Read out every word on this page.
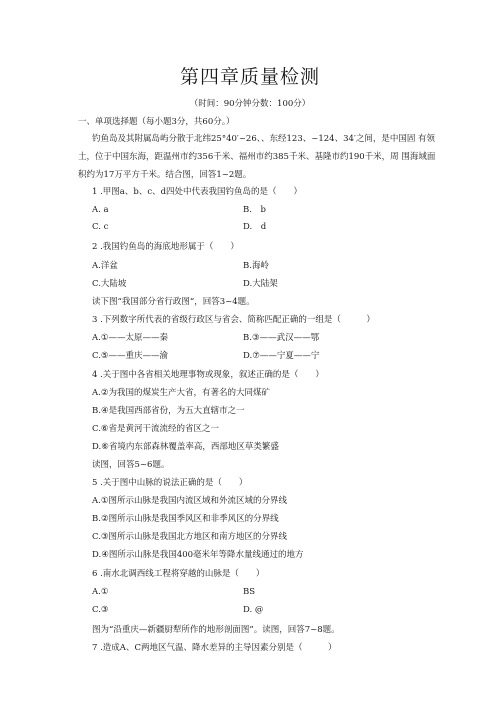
第四章质量检测
（时间：90分钟分数：100分）
一、单项选择题（每小题3分，共60分。）
钓鱼岛及其附属岛屿分散于北纬25°40′~26、、东经123、~124、34′之间，是中国固 有领
土，位于中国东海，距温州市约356千米、福州市约385千米、基隆市约190千米，周 围海域面
积约为17万平方千米。结合图，回答1~2题。
1 .甲图a、b、c、d四处中代表我国钓鱼岛的是（　　）
A. a	B.　b
C. c	D.　d
2 .我国钓鱼岛的海底地形属于（　　）
A.洋盆	B.海岭
C.大陆坡	D.大陆架
读下图“我国部分省行政图“，回答3~4题。
3 .下列数字所代表的省级行政区与省会、简称匹配正确的一组是（　　　）
A.①——太原——秦	B.③——武汉——鄂
C.⑤——重庆——渝	D.⑦——宁夏——宁
4 .关于图中各省相关地理事物或现象，叙述正确的是（　　）
A.②为我国的煤炭生产大省，有著名的大同煤矿
B.④是我国西部省份，为五大直辖市之一
C.⑥省是黄河干流流经的省区之一
D.⑥省境内东部森林覆盖率高，西部地区草类繁盛
读图，回答5~6题。
5 .关于图中山脉的说法正确的是（　　）
A.①图所示山脉是我国内流区域和外流区域的分界线
B.②图所示山脉是我国季风区和非季风区的分界线
C.③图所示山脉是我国北方地区和南方地区的分界线
D.④图所示山脉是我国400毫米年等降水量线通过的地方
6 .南水北调西线工程将穿越的山脉是（　　）
A.①	BS
C.③	D. @
图为“沿重庆—新疆厨犁所作的地形剖面图”。读图，回答7~8题。
7 .造成A、C两地区气温、降水差异的主导因素分别是（　　　）
